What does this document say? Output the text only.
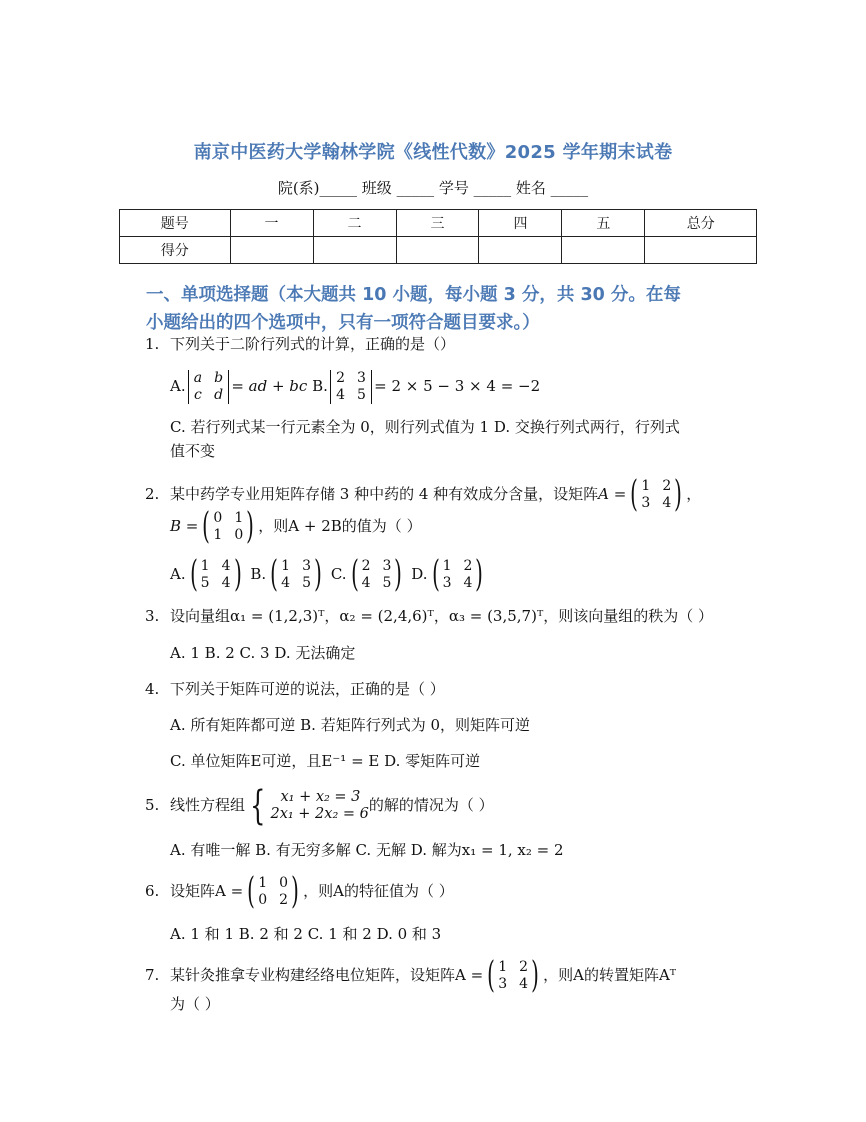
南京中医药大学翰林学院《线性代数》2025 学年期末试卷
院(系)_____ 班级 _____ 学号 _____ 姓名 _____
题号	一	二	三	四	五	总分
得分						
一、单项选择题（本大题共 10 小题，每小题 3 分，共 30 分。在每
小题给出的四个选项中，只有一项符合题目要求。）
1. 下列关于二阶行列式的计算，正确的是（）
A. a b
c d = ad + bc B. 2 3
4 5 = 2 × 5 − 3 × 4 = −2
C. 若行列式某一行元素全为 0，则行列式值为 1 D. 交换行列式两行，行列式
值不变
2. 某中药学专业用矩阵存储 3 种中药的 4 种有效成分含量，设矩阵A = ( 1 2
3 4 ) ，
B = ( 0 1
1 0 ) ，则A + 2B的值为（ ）
A. ( 1 4
5 4 ) B. ( 1 3
4 5 ) C. ( 2 3
4 5 ) D. ( 1 2
3 4 )
3. 设向量组α₁ = (1,2,3)ᵀ，α₂ = (2,4,6)ᵀ，α₃ = (3,5,7)ᵀ，则该向量组的秩为（ ）
A. 1 B. 2 C. 3 D. 无法确定
4. 下列关于矩阵可逆的说法，正确的是（ ）
A. 所有矩阵都可逆 B. 若矩阵行列式为 0，则矩阵可逆
C. 单位矩阵E可逆，且E⁻¹ = E D. 零矩阵可逆
5. 线性方程组 {	x₁ + x₂ = 3
2x₁ + 2x₂ = 6 的解的情况为（ ）
A. 有唯一解 B. 有无穷多解 C. 无解 D. 解为x₁ = 1, x₂ = 2
6. 设矩阵A = ( 1 0
0 2 ) ，则A的特征值为（ ）
A. 1 和 1 B. 2 和 2 C. 1 和 2 D. 0 和 3
7. 某针灸推拿专业构建经络电位矩阵，设矩阵A = ( 1 2
3 4 ) ，则A的转置矩阵Aᵀ
为（ ）
